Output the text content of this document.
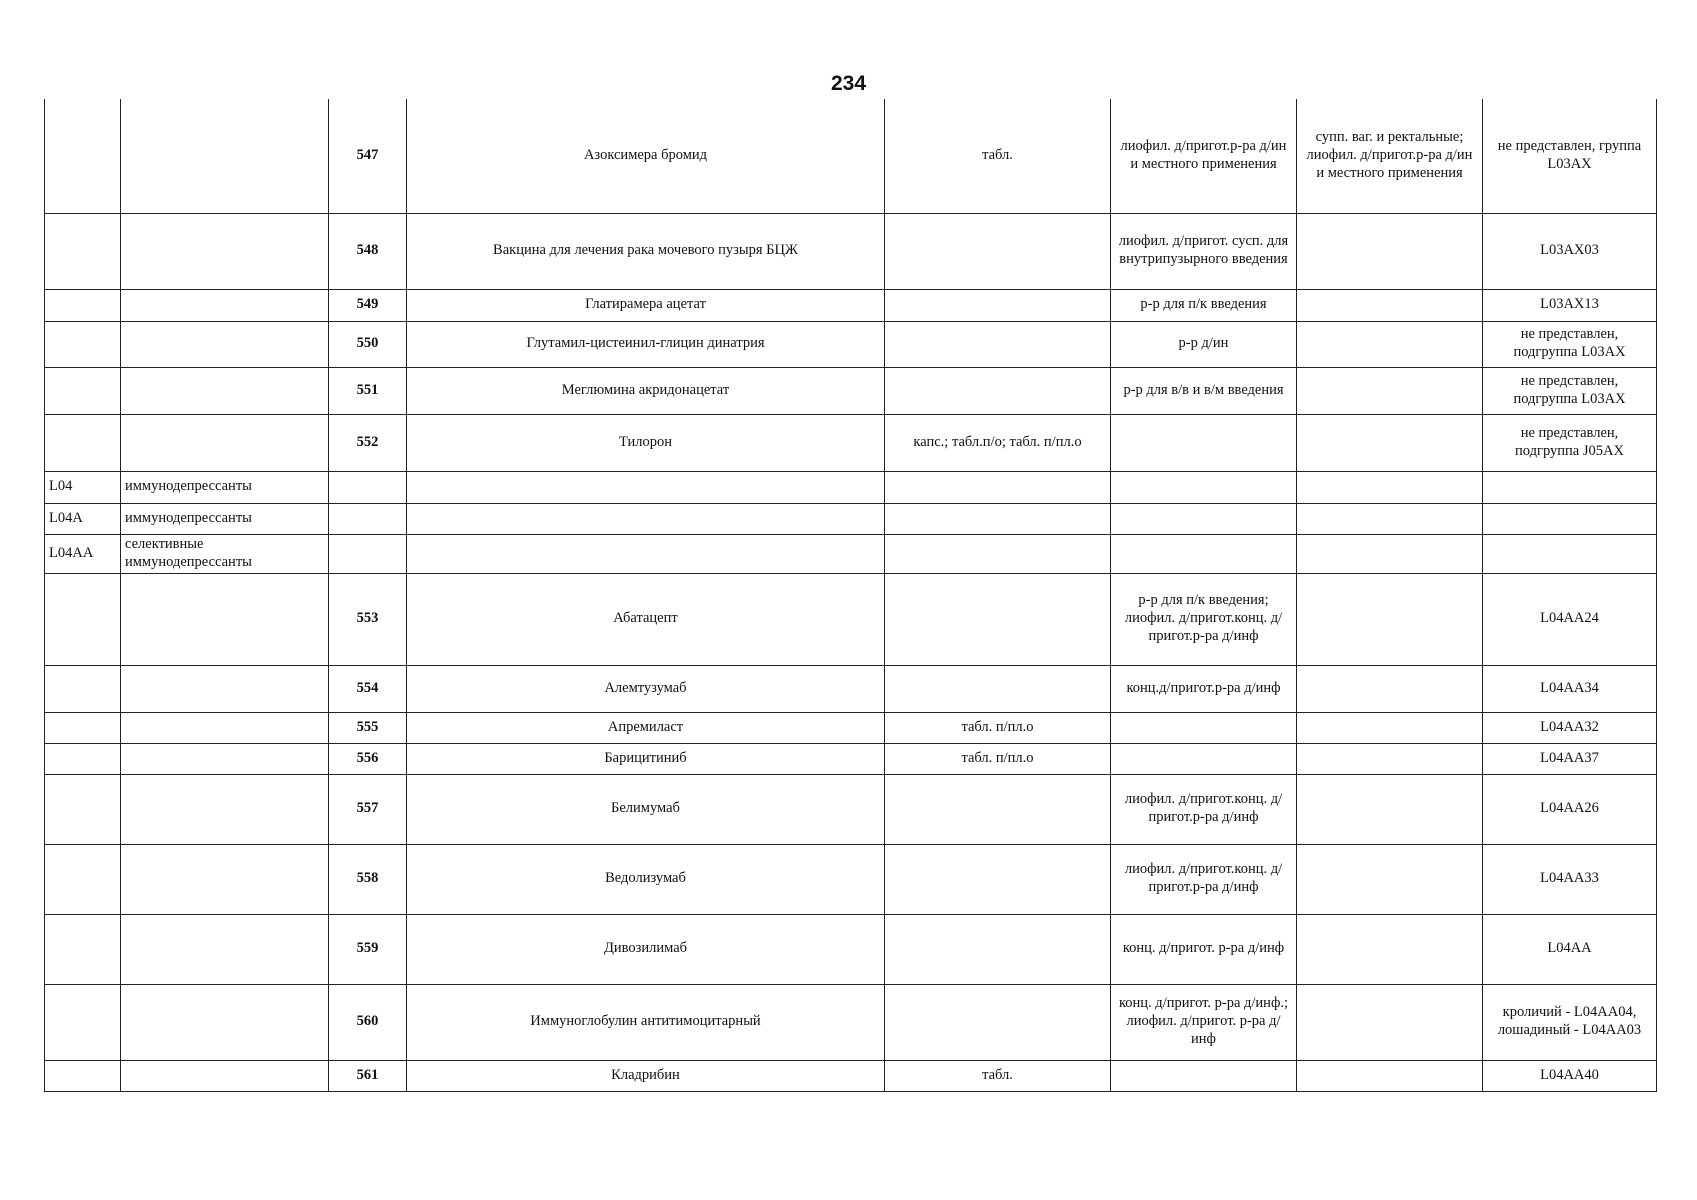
234
		547	Азоксимера бромид	табл.	лиофил. д/пригот.р-ра д/ин и местного применения	супп. ваг. и ректальные; лиофил. д/пригот.р-ра д/ин и местного применения	не представлен, группа L03AX
		548	Вакцина для лечения рака мочевого пузыря БЦЖ		лиофил. д/пригот. сусп. для внутрипузырного введения		L03AX03
		549	Глатирамера ацетат		р-р для п/к введения		L03AX13
		550	Глутамил-цистеинил-глицин динатрия		р-р д/ин		не представлен, подгруппа L03AX
		551	Меглюмина акридонацетат		р-р для в/в и в/м введения		не представлен, подгруппа L03AX
		552	Тилорон	капс.; табл.п/о; табл. п/пл.о			не представлен, подгруппа J05AX
L04	иммунодепрессанты						
L04A	иммунодепрессанты						
L04AA	селективные иммунодепрессанты						
		553	Абатацепт		р-р для п/к введения; лиофил. д/пригот.конц. д/пригот.р-ра д/инф		L04AA24
		554	Алемтузумаб		конц.д/пригот.р-ра д/инф		L04AA34
		555	Апремиласт	табл. п/пл.о			L04AA32
		556	Барицитиниб	табл. п/пл.о			L04AA37
		557	Белимумаб		лиофил. д/пригот.конц. д/пригот.р-ра д/инф		L04AA26
		558	Ведолизумаб		лиофил. д/пригот.конц. д/пригот.р-ра д/инф		L04AA33
		559	Дивозилимаб		конц. д/пригот. р-ра д/инф		L04AA
		560	Иммуноглобулин антитимоцитарный		конц. д/пригот. р-ра д/инф.; лиофил. д/пригот. р-ра д/инф		кроличий - L04AA04, лошадиный - L04AA03
		561	Кладрибин	табл.			L04AA40
